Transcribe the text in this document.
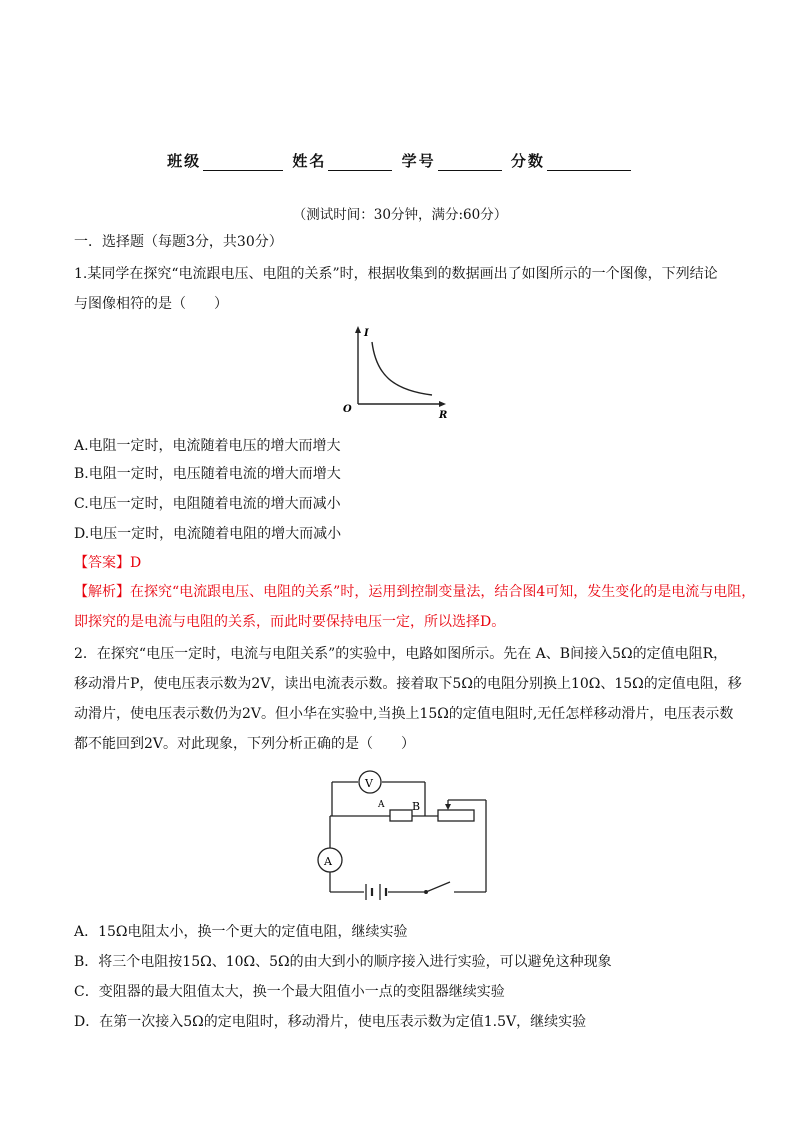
班级	姓名	学号	分数
（测试时间：30分钟，满分:60分）
一．选择题（每题3分，共30分）
1.某同学在探究“电流跟电压、电阻的关系”时，根据收集到的数据画出了如图所示的一个图像，下列结论
与图像相符的是（　　）
I
R
O
A.电阻一定时，电流随着电压的增大而增大
B.电阻一定时，电压随着电流的增大而增大
C.电压一定时，电阻随着电流的增大而减小
D.电压一定时，电流随着电阻的增大而减小
【答案】D
【解析】在探究“电流跟电压、电阻的关系”时，运用到控制变量法，结合图4可知，发生变化的是电流与电阻，
即探究的是电流与电阻的关系，而此时要保持电压一定，所以选择D。
2．在探究“电压一定时，电流与电阻关系”的实验中，电路如图所示。先在 A、B间接入5Ω的定值电阻R，
移动滑片P，使电压表示数为2V，读出电流表示数。接着取下5Ω的电阻分别换上10Ω、15Ω的定值电阻，移
动滑片，使电压表示数仍为2V。但小华在实验中,当换上15Ω的定值电阻时,无任怎样移动滑片，电压表示数
都不能回到2V。对此现象，下列分析正确的是（　　）
V
A	B
A
A．15Ω电阻太小，换一个更大的定值电阻，继续实验
B．将三个电阻按15Ω、10Ω、5Ω的由大到小的顺序接入进行实验，可以避免这种现象
C．变阻器的最大阻值太大，换一个最大阻值小一点的变阻器继续实验
D．在第一次接入5Ω的定电阻时，移动滑片，使电压表示数为定值1.5V，继续实验
